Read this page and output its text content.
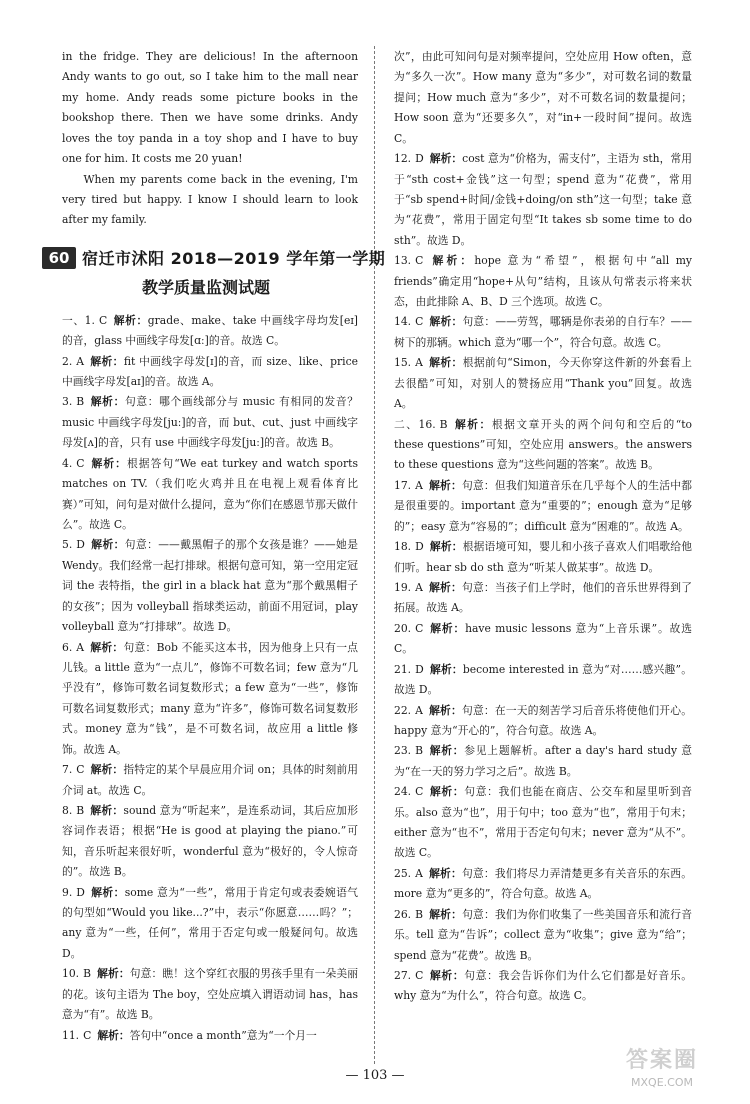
in the fridge. They are delicious! In the afternoon Andy wants to go out, so I take him to the mall near my home. Andy reads some picture books in the bookshop there. Then we have some drinks. Andy loves the toy panda in a toy shop and I have to buy one for him. It costs me 20 yuan!

When my parents come back in the evening, I'm very tired but happy. I know I should learn to look after my family.

60 宿迁市沭阳 2018—2019 学年第一学期
教学质量监测试题
一、1. C 解析：grade、make、take 中画线字母均发[eɪ]的音，glass 中画线字母发[ɑː]的音。故选 C。
2. A 解析：fit 中画线字母发[ɪ]的音，而 size、like、price 中画线字母发[aɪ]的音。故选 A。
3. B 解析：句意：哪个画线部分与 music 有相同的发音？music 中画线字母发[juː]的音，而 but、cut、just 中画线字母发[ʌ]的音，只有 use 中画线字母发[juː]的音。故选 B。
4. C 解析：根据答句“We eat turkey and watch sports matches on TV.（我们吃火鸡并且在电视上观看体育比赛）”可知，问句是对做什么提问，意为“你们在感恩节那天做什么”。故选 C。
5. D 解析：句意：——戴黑帽子的那个女孩是谁？——她是 Wendy。我们经常一起打排球。根据句意可知，第一空用定冠词 the 表特指，the girl in a black hat 意为“那个戴黑帽子的女孩”；因为 volleyball 指球类运动，前面不用冠词，play volleyball 意为“打排球”。故选 D。
6. A 解析：句意：Bob 不能买这本书，因为他身上只有一点儿钱。a little 意为“一点儿”，修饰不可数名词；few 意为“几乎没有”，修饰可数名词复数形式；a few 意为“一些”，修饰可数名词复数形式；many 意为“许多”，修饰可数名词复数形式。money 意为“钱”，是不可数名词，故应用 a little 修饰。故选 A。
7. C 解析：指特定的某个早晨应用介词 on；具体的时刻前用介词 at。故选 C。
8. B 解析：sound 意为“听起来”，是连系动词，其后应加形容词作表语；根据“He is good at playing the piano.”可知，音乐听起来很好听，wonderful 意为“极好的，令人惊奇的”。故选 B。
9. D 解析：some 意为“一些”，常用于肯定句或表委婉语气的句型如“Would you like...?”中，表示“你愿意……吗？”；any 意为“一些，任何”，常用于否定句或一般疑问句。故选 D。
10. B 解析：句意：瞧！这个穿红衣服的男孩手里有一朵美丽的花。该句主语为 The boy，空处应填入谓语动词 has，has 意为“有”。故选 B。
11. C 解析：答句中“once a month”意为“一个月一

次”，由此可知问句是对频率提问，空处应用 How often，意为“多久一次”。How many 意为“多少”，对可数名词的数量提问；How much 意为“多少”，对不可数名词的数量提问；How soon 意为“还要多久”，对“in+一段时间”提问。故选 C。

12. D 解析：cost 意为“价格为，需支付”，主语为 sth，常用于“sth cost+金钱”这一句型；spend 意为“花费”，常用于“sb spend+时间/金钱+doing/on sth”这一句型；take 意为“花费”，常用于固定句型“It takes sb some time to do sth”。故选 D。
13. C 解析：hope 意为“希望”，根据句中“all my friends”确定用“hope+从句”结构，且该从句常表示将来状态，由此排除 A、B、D 三个选项。故选 C。
14. C 解析：句意：——劳驾，哪辆是你表弟的自行车？——树下的那辆。which 意为“哪一个”，符合句意。故选 C。
15. A 解析：根据前句“Simon，今天你穿这件新的外套看上去很酷”可知，对别人的赞扬应用“Thank you”回复。故选 A。
二、16. B 解析：根据文章开头的两个问句和空后的“to these questions”可知，空处应用 answers。the answers to these questions 意为“这些问题的答案”。故选 B。
17. A 解析：句意：但我们知道音乐在几乎每个人的生活中都是很重要的。important 意为“重要的”；enough 意为“足够的”；easy 意为“容易的”；difficult 意为“困难的”。故选 A。
18. D 解析：根据语境可知，婴儿和小孩子喜欢人们唱歌给他们听。hear sb do sth 意为“听某人做某事”。故选 D。
19. A 解析：句意：当孩子们上学时，他们的音乐世界得到了拓展。故选 A。
20. C 解析：have music lessons 意为“上音乐课”。故选 C。
21. D 解析：become interested in 意为“对……感兴趣”。故选 D。
22. A 解析：句意：在一天的刻苦学习后音乐将使他们开心。happy 意为“开心的”，符合句意。故选 A。
23. B 解析：参见上题解析。after a day's hard study 意为“在一天的努力学习之后”。故选 B。
24. C 解析：句意：我们也能在商店、公交车和屋里听到音乐。also 意为“也”，用于句中；too 意为“也”，常用于句末；either 意为“也不”，常用于否定句句末；never 意为“从不”。故选 C。
25. A 解析：句意：我们将尽力弄清楚更多有关音乐的东西。more 意为“更多的”，符合句意。故选 A。
26. B 解析：句意：我们为你们收集了一些美国音乐和流行音乐。tell 意为“告诉”；collect 意为“收集”；give 意为“给”；spend 意为“花费”。故选 B。
27. C 解析：句意：我会告诉你们为什么它们都是好音乐。why 意为“为什么”，符合句意。故选 C。
— 103 —
答案圈
MXQE.COM
